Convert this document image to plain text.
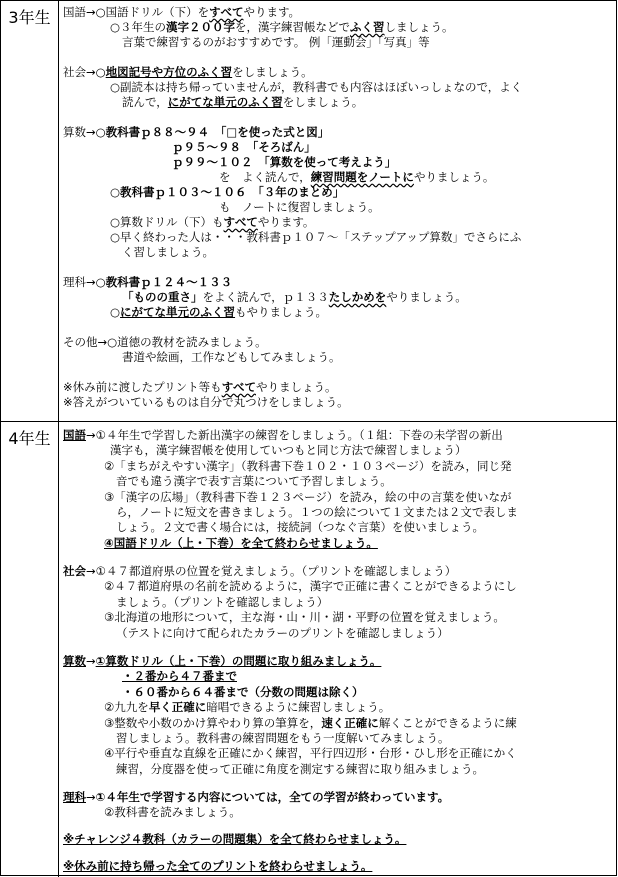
3年生	国語→○国語ドリル（下）をすべてやります。
○３年生の漢字２００字を，漢字練習帳などでふく習しましょう。
言葉で練習するのがおすすめです。 例「運動会」「写真」等
社会→○地図記号や方位のふく習をしましょう。
○副読本は持ち帰っていませんが，教科書でも内容はほぼいっしょなので，よく
読んで，にがてな単元のふく習をしましょう。
算数→○教科書ｐ８８～９４　 「□を使った式と図」
ｐ９５～９８　 「そろばん」
ｐ９９～１０２　 「算数を使って考えよう」
を　よく読んで，練習問題をノートにやりましょう。
○教科書ｐ１０３～１０６　 「３年のまとめ」
も　ノートに復習しましょう。
○算数ドリル（下）もすべてやります。
○早く終わった人は・・・教科書ｐ１０７～「ステップアップ算数」でさらにふ
く習しましょう。
理科→○教科書ｐ１２４～１３３
「ものの重さ」をよく読んで，ｐ１３３たしかめをやりましょう。
○にがてな単元のふく習もやりましょう。
その他→○道徳の教材を読みましょう。
書道や絵画，工作などもしてみましょう。
※休み前に渡したプリント等もすべてやりましょう。
※答えがついているものは自分で丸つけをしましょう。
4年生	国語→①４年生で学習した新出漢字の練習をしましょう。（１組：下巻の未学習の新出
漢字も，漢字練習帳を使用していつもと同じ方法で練習しましょう）
②「まちがえやすい漢字」（教科書下巻１０２・１０３ページ）を読み，同じ発
音でも違う漢字で表す言葉について予習しましょう。
③「漢字の広場」（教科書下巻１２３ページ）を読み，絵の中の言葉を使いなが
ら，ノートに短文を書きましょう。１つの絵について１文または２文で表しま
しょう。２文で書く場合には，接続詞（つなぐ言葉）を使いましょう。
④国語ドリル（上・下巻）を全て終わらせましょう。
社会→①４７都道府県の位置を覚えましょう。（プリントを確認しましょう）
②４７都道府県の名前を読めるように，漢字で正確に書くことができるようにし
ましょう。（プリントを確認しましょう）
③北海道の地形について，主な海・山・川・湖・平野の位置を覚えましょう。
（テストに向けて配られたカラーのプリントを確認しましょう）
算数→①算数ドリル（上・下巻）の問題に取り組みましょう。
・２番から４７番まで
・６０番から６４番まで（分数の問題は除く）
②九九を早く正確に暗唱できるように練習しましょう。
③整数や小数のかけ算やわり算の筆算を，速く正確に解くことができるように練
習しましょう。教科書の練習問題をもう一度解いてみましょう。
④平行や垂直な直線を正確にかく練習，平行四辺形・台形・ひし形を正確にかく
練習，分度器を使って正確に角度を測定する練習に取り組みましょう。
理科→①４年生で学習する内容については，全ての学習が終わっています。
②教科書を読みましょう。
※チャレンジ４教科（カラーの問題集）を全て終わらせましょう。
※休み前に持ち帰った全てのプリントを終わらせましょう。
